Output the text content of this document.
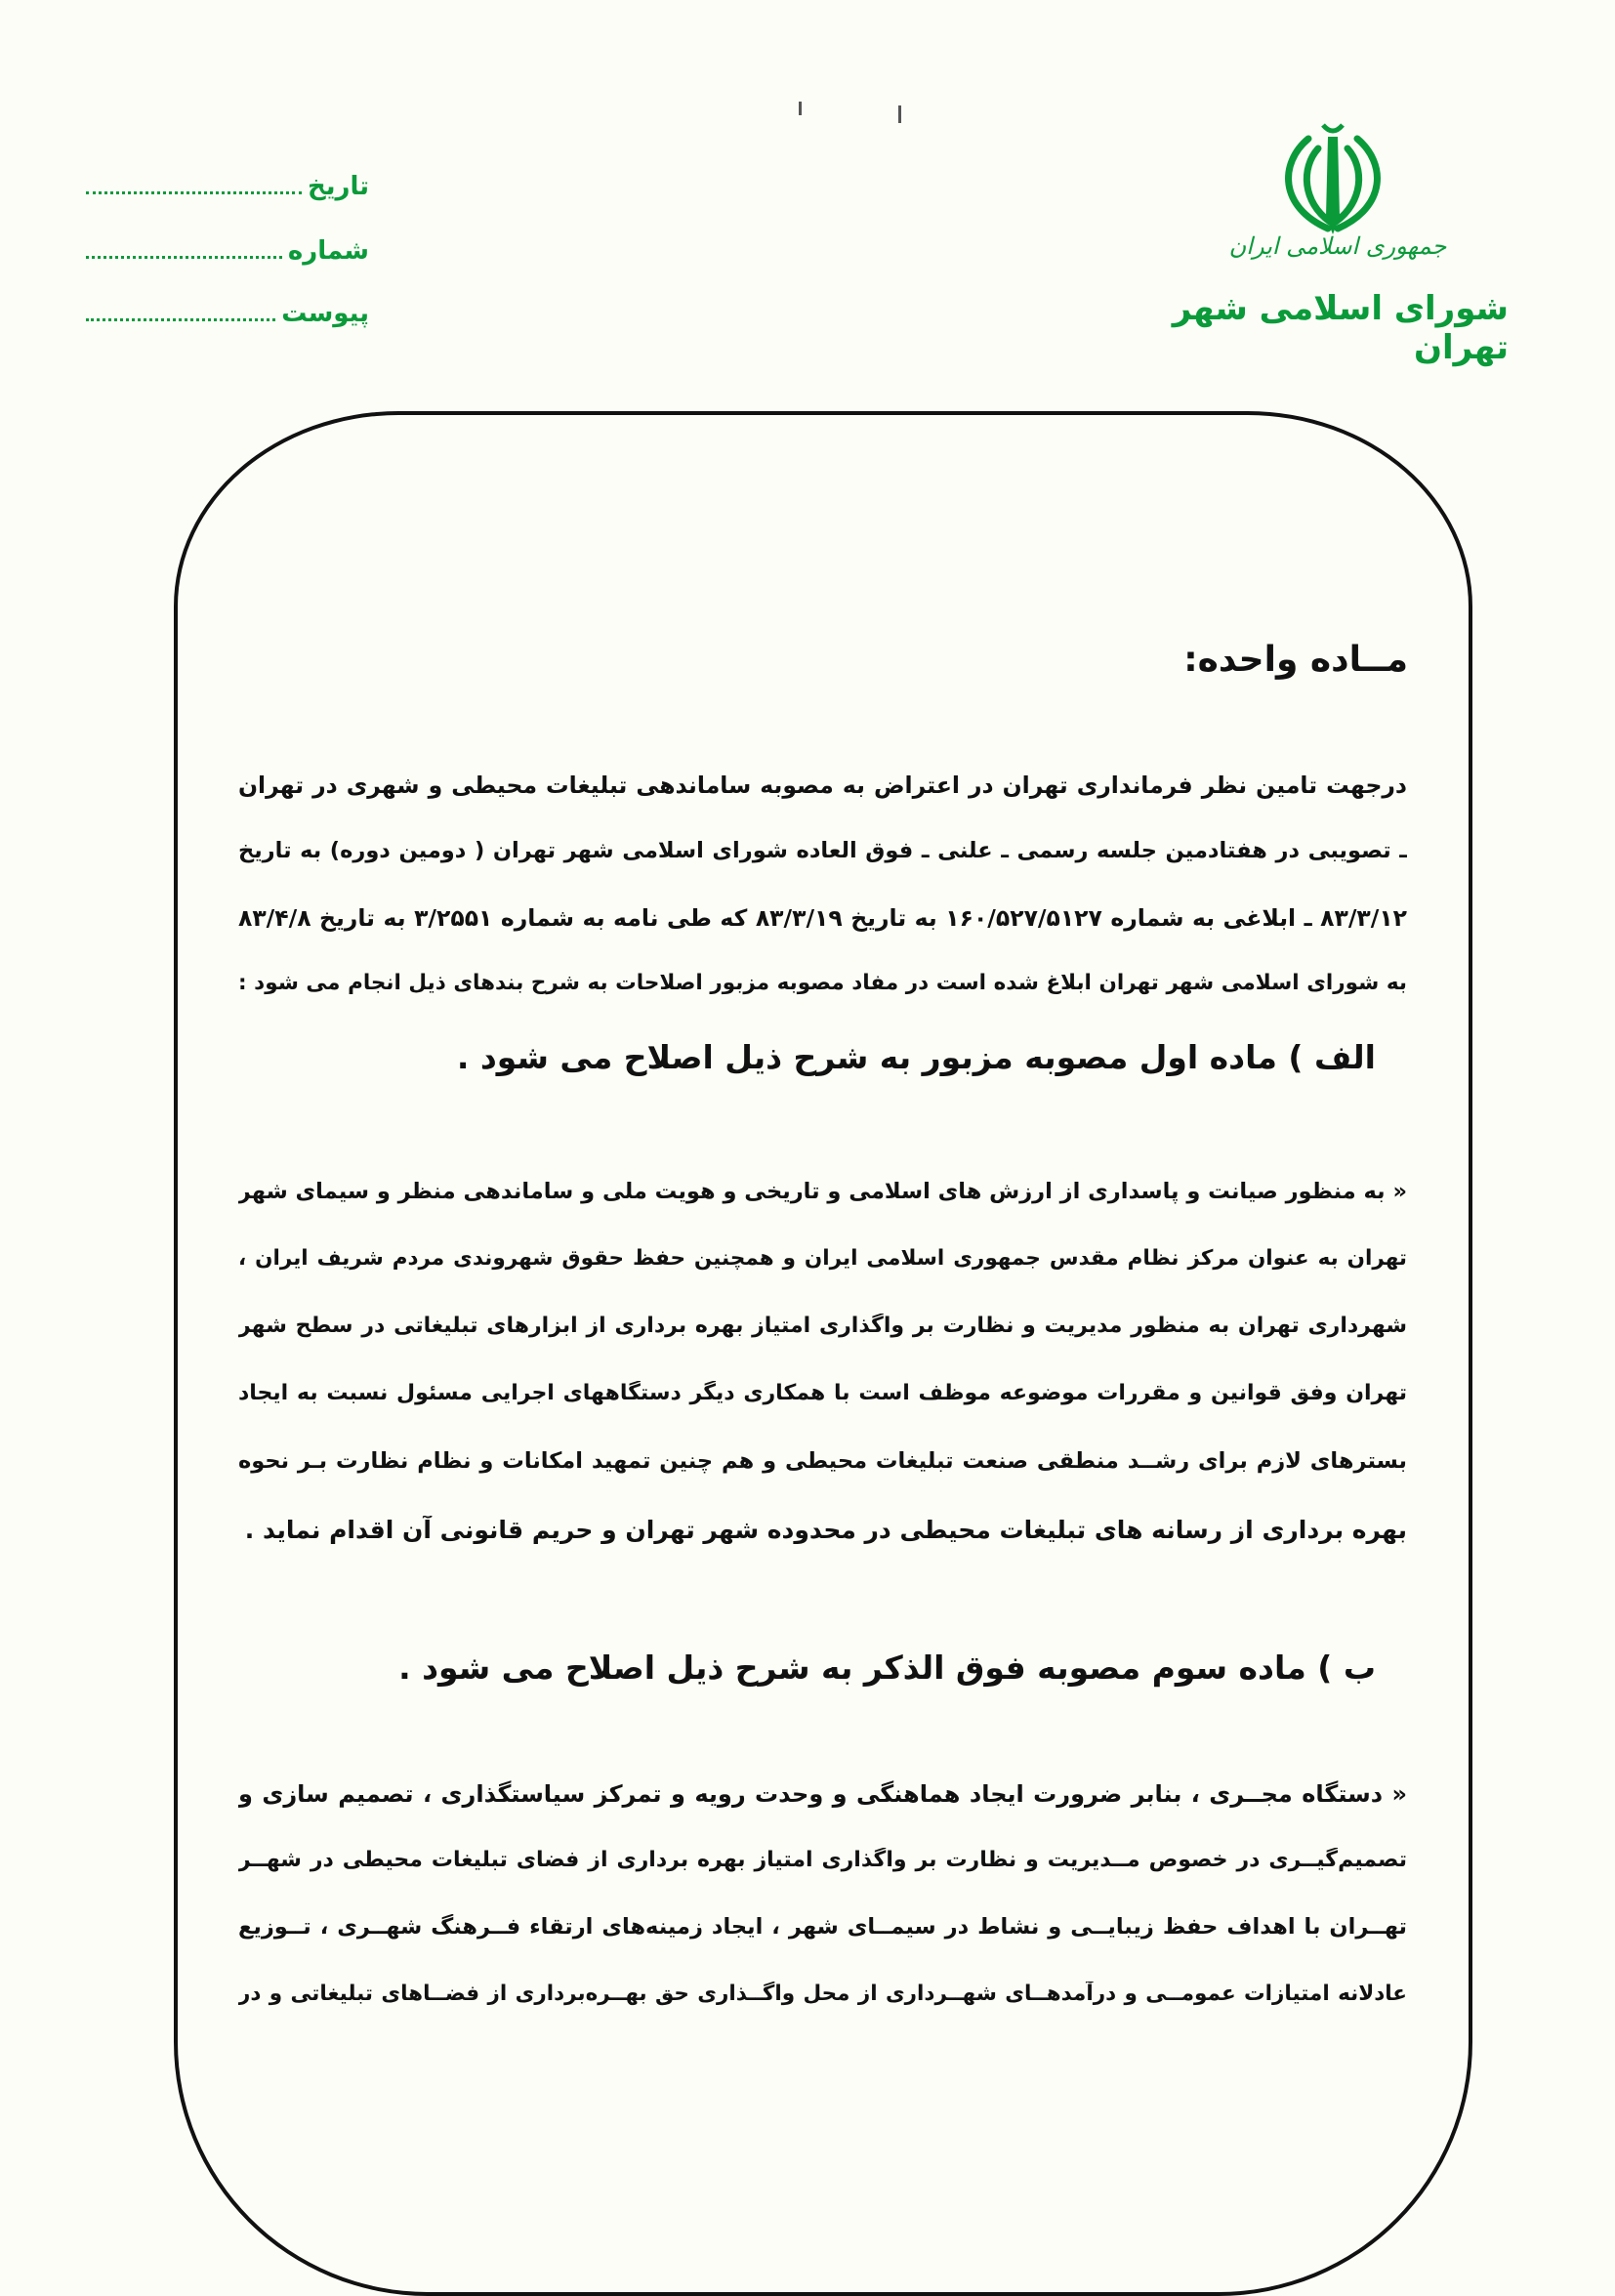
تاریخ
شماره
پیوست
جمهوری اسلامی ایران
شورای اسلامی شهر تهران
مــاده واحده:
درجهت تامین نظر فرمانداری تهران در اعتراض به مصوبه ساماندهی تبلیغات محیطی و شهری در تهران
ـ تصویبی در هفتادمین جلسه رسمی ـ علنی ـ فوق العاده شورای اسلامی شهر تهران ( دومین دوره) به تاریخ
۸۳/۳/۱۲ ـ ابلاغی به شماره ۱۶۰/۵۲۷/۵۱۲۷ به تاریخ ۸۳/۳/۱۹ که طی نامه به شماره ۳/۲۵۵۱ به تاریخ ۸۳/۴/۸
به شورای اسلامی شهر تهران ابلاغ شده است در مفاد مصوبه مزبور اصلاحات به شرح بندهای ذیل انجام می شود :
الف ) ماده اول مصوبه مزبور به شرح ذیل اصلاح می شود .
« به منظور صیانت و پاسداری از ارزش های اسلامی و تاریخی و هویت ملی و ساماندهی منظر و سیمای شهر
تهران به عنوان مرکز نظام مقدس جمهوری اسلامی ایران و همچنین حفظ حقوق شهروندی مردم شریف ایران ،
شهرداری تهران به منظور مدیریت و نظارت بر واگذاری امتیاز بهره برداری از ابزارهای تبلیغاتی در سطح شهر
تهران وفق قوانین و مقررات موضوعه موظف است با همکاری دیگر دستگاههای اجرایی مسئول نسبت به ایجاد
بسترهای لازم برای رشــد منطقی صنعت تبلیغات محیطی و هم چنین تمهید امکانات و نظام نظارت بـر نحوه
بهره برداری از رسانه های تبلیغات محیطی در محدوده شهر تهران و حریم قانونی آن اقدام نماید .
ب ) ماده سوم مصوبه فوق الذکر به شرح ذیل اصلاح می شود .
« دستگاه مجــری ، بنابر ضرورت ایجاد هماهنگی و وحدت رویه و تمرکز سیاستگذاری ، تصمیم سازی و
تصمیم‌گیــری در خصوص مــدیریت و نظارت بر واگذاری امتیاز بهره برداری از فضای تبلیغات محیطی در شهــر
تهــران با اهداف حفظ زیبایــی و نشاط در سیمــای شهر ، ایجاد زمینه‌های ارتقاء فــرهنگ شهــری ، تــوزیع
عادلانه امتیازات عمومــی و درآمدهــای شهــرداری از محل واگــذاری حق بهــره‌برداری از فضــاهای تبلیغاتی و در
